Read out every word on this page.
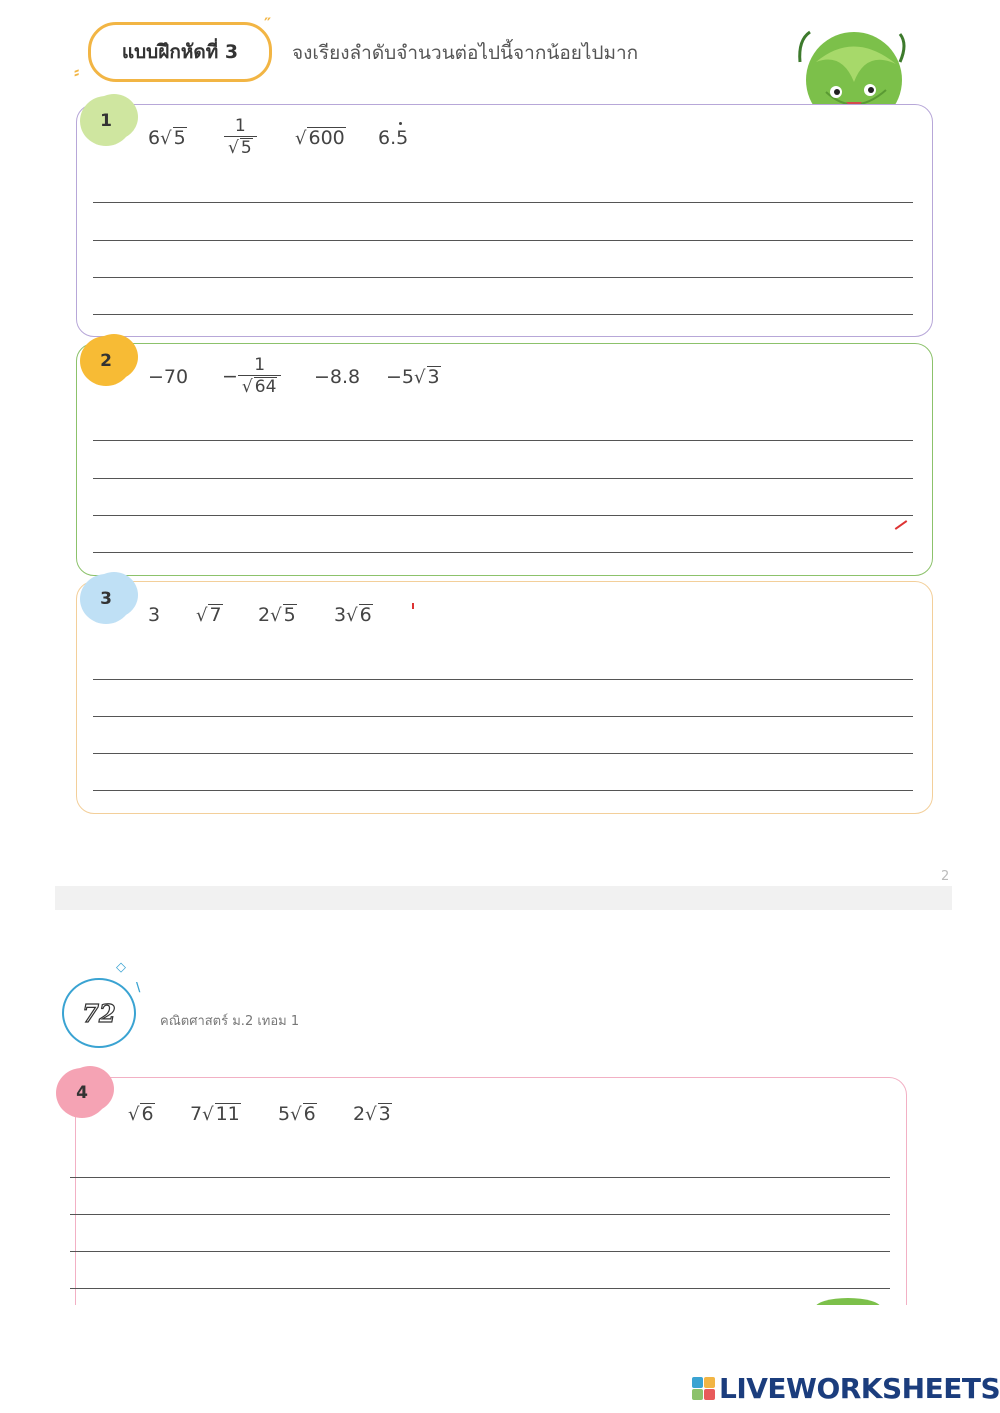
⸗
″
แบบฝึกหัดที่ 3	จงเรียงลำดับจำนวนต่อไปนี้จากน้อยไปมาก
1
6√ $5 \frac{1}{√ 5}$ √ 600 6.5
2
$-70 - \frac{1}{√ 64} -8.8 -5√$ 3
3
3 √ 7 2√ 5 3√ 6
2
◇
\
72	คณิตศาสตร์ ม.2 เทอม 1
4
√ 6 7√ 11 5√ 6 2√ 3
LIVEWORKSHEETS
